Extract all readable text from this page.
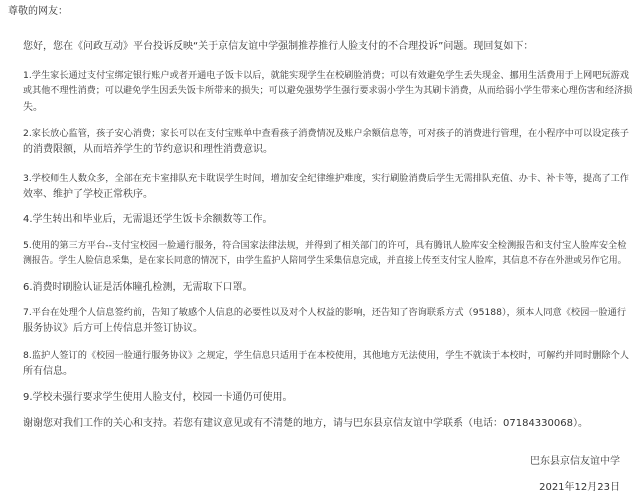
尊敬的网友：

您好，您在《问政互动》平台投诉反映“关于京信友谊中学强制推荐推行人脸支付的不合理投诉”问题。现回复如下：

1.学生家长通过支付宝绑定银行账户或者开通电子饭卡以后，就能实现学生在校刷脸消费；可以有效避免学生丢失现金、挪用生活费用于上网吧玩游戏

或其他不理性消费；可以避免学生因丢失饭卡所带来的损失；可以避免强势学生强行要求弱小学生为其刷卡消费，从而给弱小学生带来心理伤害和经济损

失。

2.家长放心监管，孩子安心消费；家长可以在支付宝账单中查看孩子消费情况及账户余额信息等，可对孩子的消费进行管理，在小程序中可以设定孩子

的消费限额，从而培养学生的节约意识和理性消费意识。

3.学校师生人数众多，全部在充卡室排队充卡耽误学生时间，增加安全纪律维护难度，实行刷脸消费后学生无需排队充值、办卡、补卡等，提高了工作

效率、维护了学校正常秩序。

4.学生转出和毕业后，无需退还学生饭卡余额数等工作。

5.使用的第三方平台--支付宝校园一脸通行服务，符合国家法律法规，并得到了相关部门的许可，具有腾讯人脸库安全检测报告和支付宝人脸库安全检

测报告。学生人脸信息采集，是在家长同意的情况下，由学生监护人陪同学生采集信息完成，并直接上传至支付宝人脸库，其信息不存在外泄或另作它用。

6.消费时刷脸认证是活体瞳孔检测，无需取下口罩。

7.平台在处理个人信息签约前，告知了敏感个人信息的必要性以及对个人权益的影响，还告知了咨询联系方式（95188），须本人同意《校园一脸通行

服务协议》后方可上传信息并签订协议。

8.监护人签订的《校园一脸通行服务协议》之规定，学生信息只适用于在本校使用，其他地方无法使用，学生不就读于本校时，可解约并同时删除个人

所有信息。

9.学校未强行要求学生使用人脸支付，校园一卡通仍可使用。

谢谢您对我们工作的关心和支持。若您有建议意见或有不清楚的地方，请与巴东县京信友谊中学联系（电话：07184330068）。

巴东县京信友谊中学

2021年12月23日
